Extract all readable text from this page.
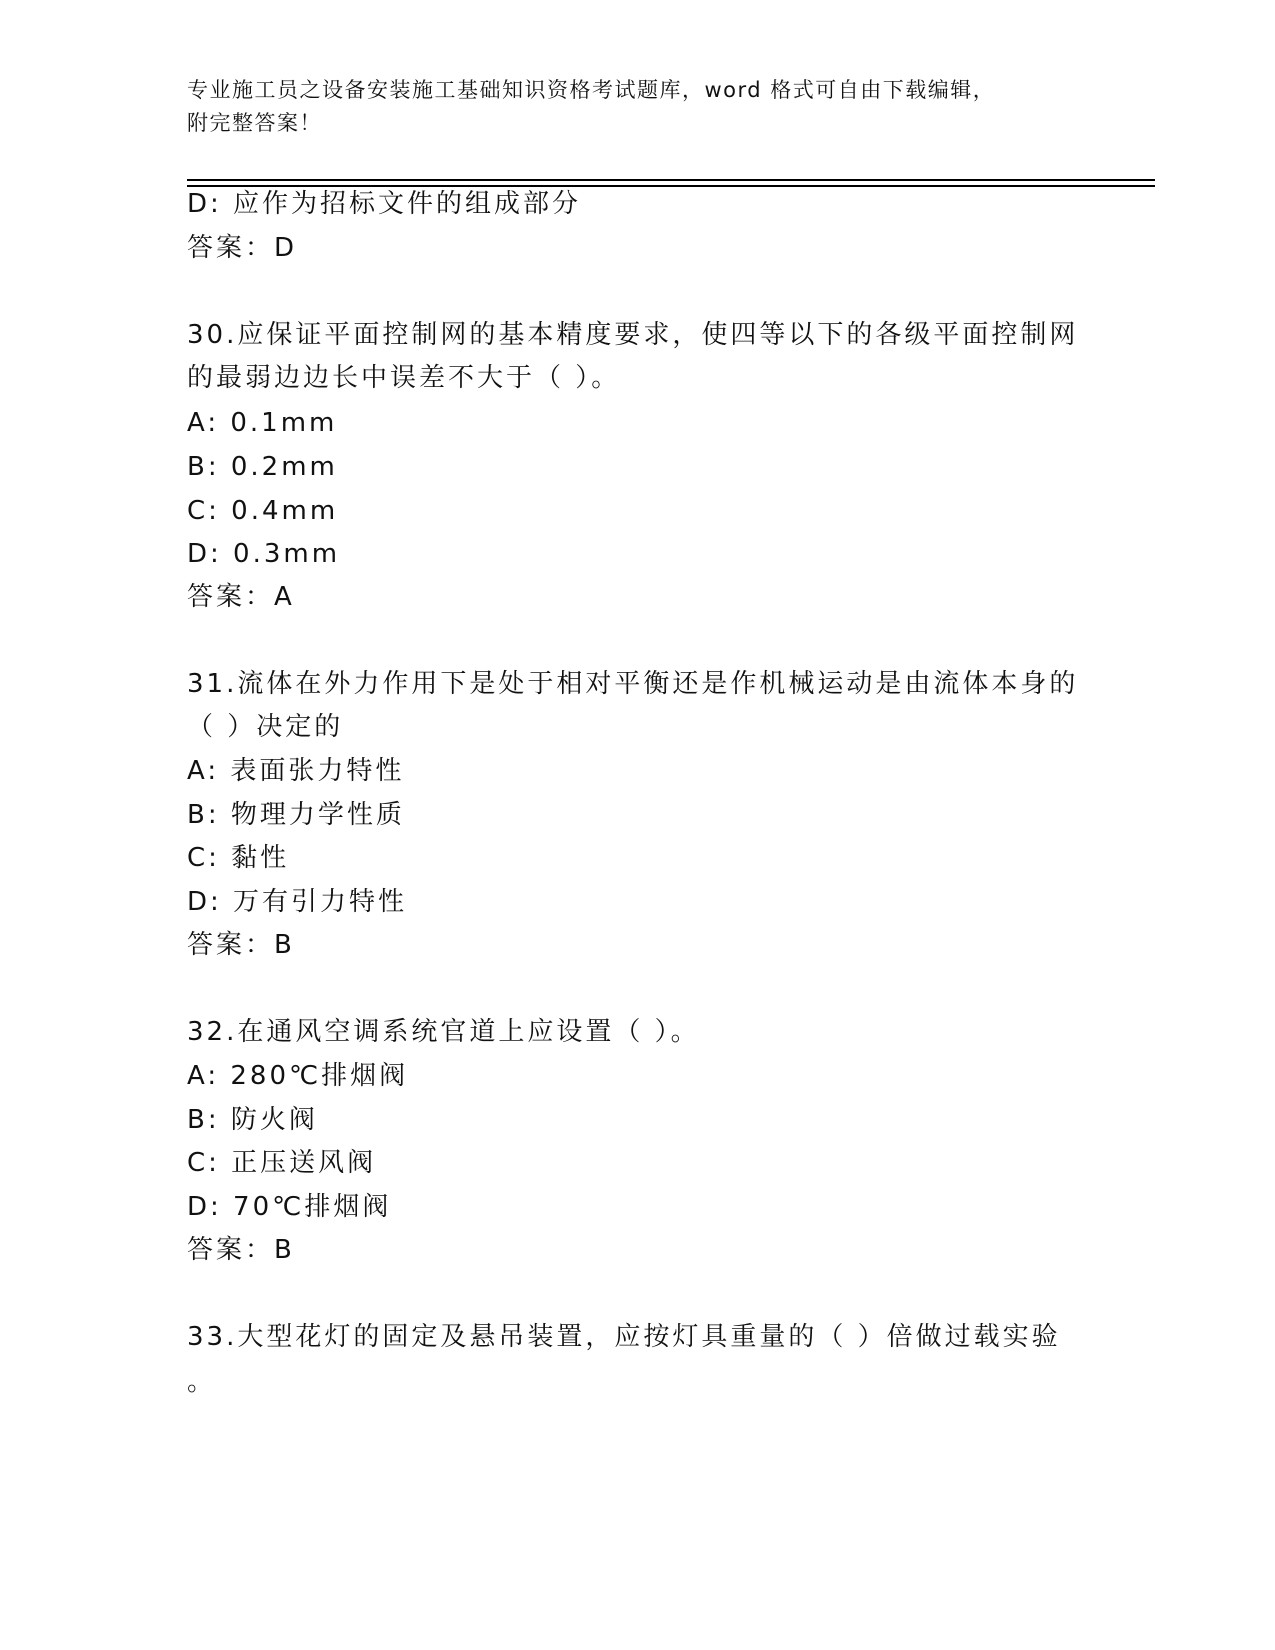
专业施工员之设备安装施工基础知识资格考试题库，word 格式可自由下载编辑，
附完整答案！
D: 应作为招标文件的组成部分
答案：D
30.应保证平面控制网的基本精度要求，使四等以下的各级平面控制网
的最弱边边长中误差不大于（ ）。
A: 0.1mm
B: 0.2mm
C: 0.4mm
D: 0.3mm
答案：A
31.流体在外力作用下是处于相对平衡还是作机械运动是由流体本身的
（ ）决定的
A: 表面张力特性
B: 物理力学性质
C: 黏性
D: 万有引力特性
答案：B
32.在通风空调系统官道上应设置（ ）。
A: 280℃排烟阀
B: 防火阀
C: 正压送风阀
D: 70℃排烟阀
答案：B
33.大型花灯的固定及悬吊装置，应按灯具重量的（ ）倍做过载实验
。
